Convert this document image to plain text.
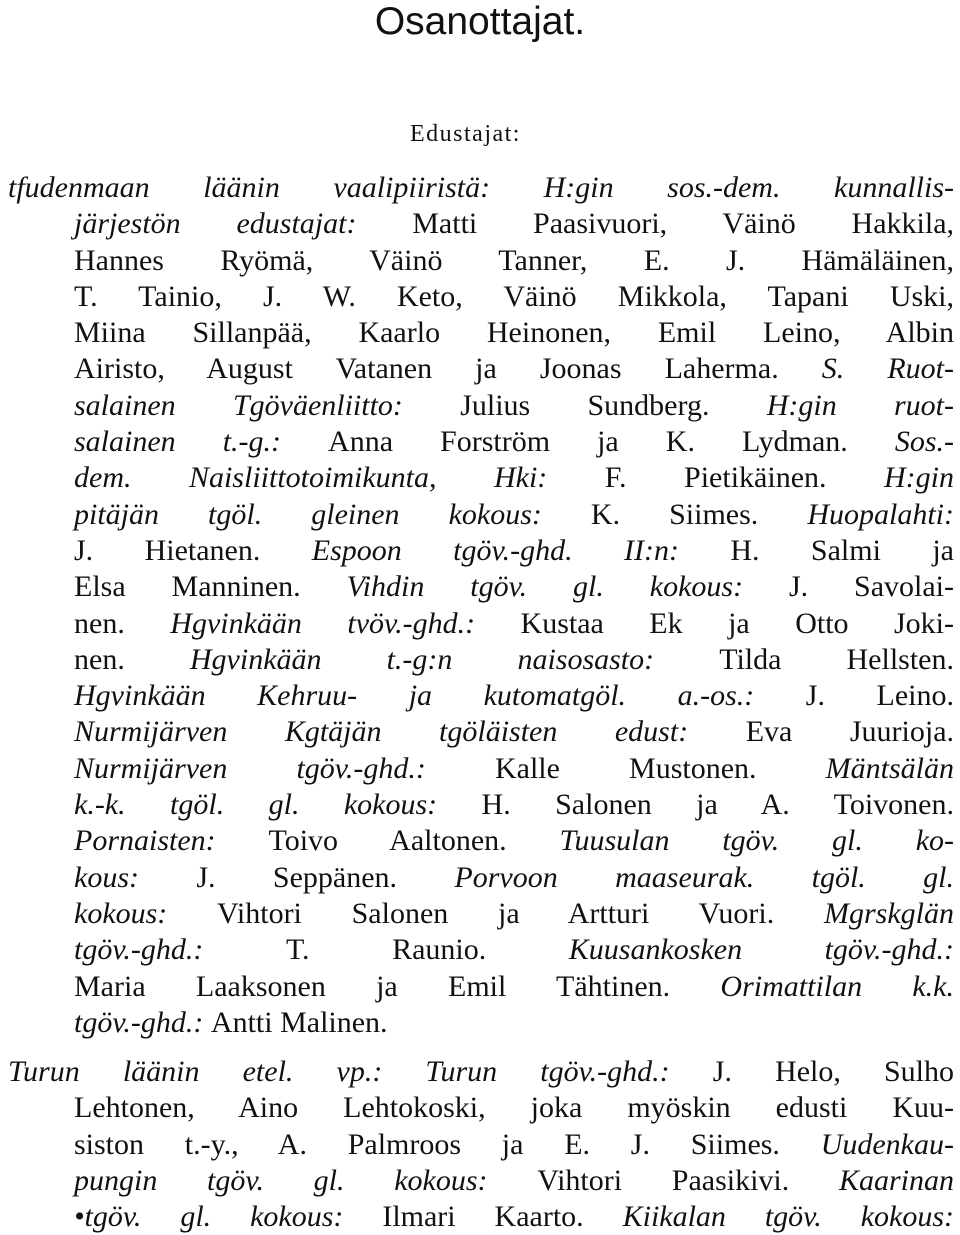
Osanottajat.
Edustajat:
tfudenmaan läänin vaalipiiristä: H:gin sos.-dem. kunnallis-
järjestön edustajat: Matti Paasivuori, Väinö Hakkila,
Hannes Ryömä, Väinö Tanner, E. J. Hämäläinen,
T. Tainio, J. W. Keto, Väinö Mikkola, Tapani Uski,
Miina Sillanpää, Kaarlo Heinonen, Emil Leino, Albin
Airisto, August Vatanen ja Joonas Laherma. S. Ruot-
salainen Tgöväenliitto: Julius Sundberg. H:gin ruot-
salainen t.-g.: Anna Forström ja K. Lydman. Sos.-
dem. Naisliittotoimikunta, Hki: F. Pietikäinen. H:gin
pitäjän tgöl. gleinen kokous: K. Siimes. Huopalahti:
J. Hietanen. Espoon tgöv.-ghd. II:n: H. Salmi ja
Elsa Manninen. Vihdin tgöv. gl. kokous: J. Savolai-
nen. Hgvinkään tvöv.-ghd.: Kustaa Ek ja Otto Joki-
nen. Hgvinkään t.-g:n naisosasto: Tilda Hellsten.
Hgvinkään Kehruu- ja kutomatgöl. a.-os.: J. Leino.
Nurmijärven Kgtäjän tgöläisten edust: Eva Juurioja.
Nurmijärven tgöv.-ghd.: Kalle Mustonen. Mäntsälän
k.-k. tgöl. gl. kokous: H. Salonen ja A. Toivonen.
Pornaisten: Toivo Aaltonen. Tuusulan tgöv. gl. ko-
kous: J. Seppänen. Porvoon maaseurak. tgöl. gl.
kokous: Vihtori Salonen ja Artturi Vuori. Mgrskglän
tgöv.-ghd.: T. Raunio. Kuusankosken tgöv.-ghd.:
Maria Laaksonen ja Emil Tähtinen. Orimattilan k.k.
tgöv.-ghd.: Antti Malinen.
Turun läänin etel. vp.: Turun tgöv.-ghd.: J. Helo, Sulho
Lehtonen, Aino Lehtokoski, joka myöskin edusti Kuu-
siston t.-y., A. Palmroos ja E. J. Siimes. Uudenkau-
pungin tgöv. gl. kokous: Vihtori Paasikivi. Kaarinan
•tgöv. gl. kokous: Ilmari Kaarto. Kiikalan tgöv. kokous:
